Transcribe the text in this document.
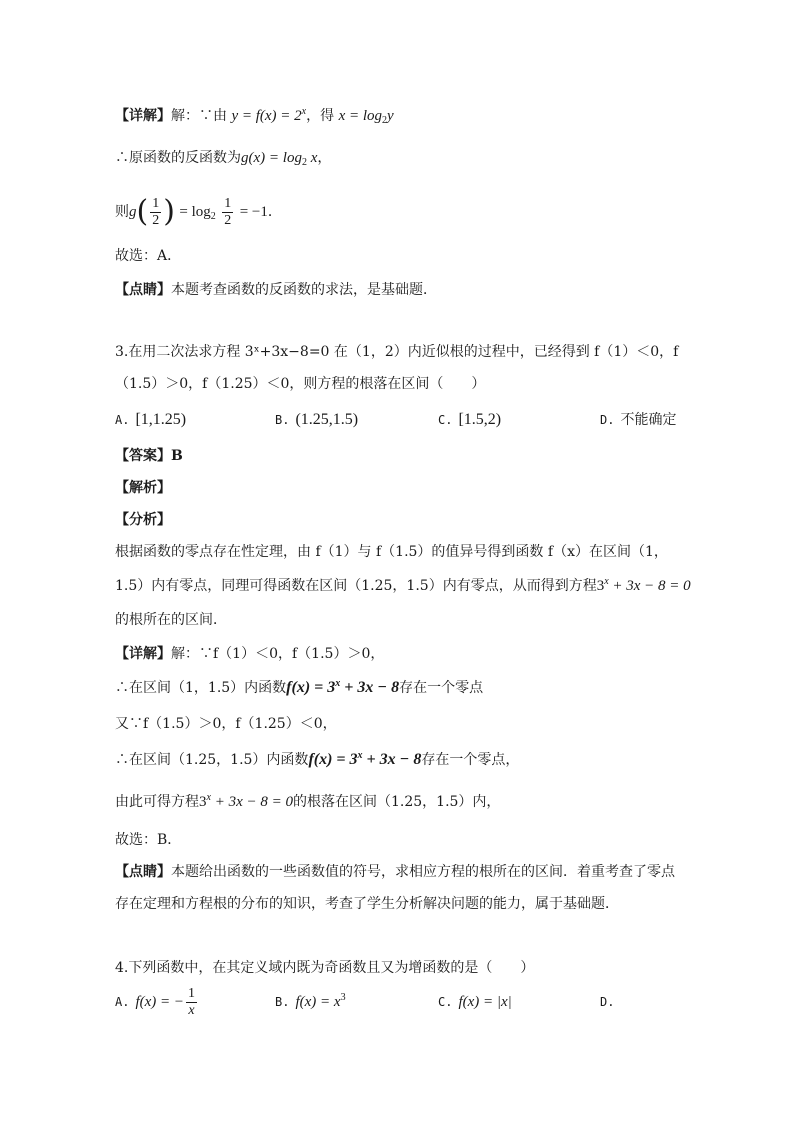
【详解】解：∵由 $y = f(x) = 2^x$，得 $x = \log_2y$
∴原函数的反函数为$g(x) = \log_2 x$，
则$g( \frac{1}{2}$ ) = $\log_2 \frac{1}{2} = -1$．
故选：A．
【点睛】本题考查函数的反函数的求法，是基础题．
3.在用二次法求方程 3ˣ+3x−8=0 在（1，2）内近似根的过程中，已经得到 f（1）＜0，f
（1.5）＞0，f（1.25）＜0，则方程的根落在区间（　　）
A. [1,1.25)	B. (1.25,1.5)	C. [1.5,2)	D. 不能确定
【答案】B
【解析】
【分析】
根据函数的零点存在性定理，由 f（1）与 f（1.5）的值异号得到函数 f（x）在区间（1，
1.5）内有零点，同理可得函数在区间（1.25，1.5）内有零点，从而得到方程$3^x + 3x - 8 = 0$
的根所在的区间．
【详解】解：∵f（1）＜0，f（1.5）＞0，
∴在区间（1，1.5）内函数$f(x) = 3^x + 3x - 8$存在一个零点
又∵f（1.5）＞0，f（1.25）＜0，
∴在区间（1.25，1.5）内函数$f(x) = 3^x + 3x - 8$存在一个零点，
由此可得方程$3^x + 3x - 8 = 0$的根落在区间（1.25，1.5）内，
故选：B．
【点睛】本题给出函数的一些函数值的符号，求相应方程的根所在的区间．着重考查了零点
存在定理和方程根的分布的知识，考查了学生分析解决问题的能力，属于基础题．
4.下列函数中，在其定义域内既为奇函数且又为增函数的是（　　）
A. f(x) = − $\frac{1}{x}$	B. $f(x) = x^3$	C. f(x) = |x|	D.
